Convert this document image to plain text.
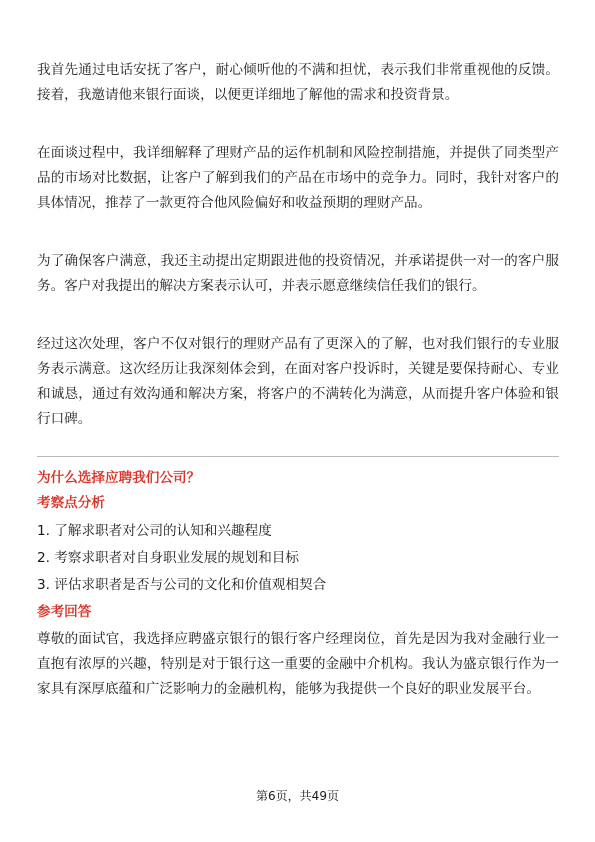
我首先通过电话安抚了客户，耐心倾听他的不满和担忧，表示我们非常重视他的反馈。接着，我邀请他来银行面谈，以便更详细地了解他的需求和投资背景。

在面谈过程中，我详细解释了理财产品的运作机制和风险控制措施，并提供了同类型产品的市场对比数据，让客户了解到我们的产品在市场中的竞争力。同时，我针对客户的具体情况，推荐了一款更符合他风险偏好和收益预期的理财产品。

为了确保客户满意，我还主动提出定期跟进他的投资情况，并承诺提供一对一的客户服务。客户对我提出的解决方案表示认可，并表示愿意继续信任我们的银行。

经过这次处理，客户不仅对银行的理财产品有了更深入的了解，也对我们银行的专业服务表示满意。这次经历让我深刻体会到，在面对客户投诉时，关键是要保持耐心、专业和诚恳，通过有效沟通和解决方案，将客户的不满转化为满意，从而提升客户体验和银行口碑。

为什么选择应聘我们公司？
考察点分析
1. 了解求职者对公司的认知和兴趣程度
2. 考察求职者对自身职业发展的规划和目标
3. 评估求职者是否与公司的文化和价值观相契合
参考回答

尊敬的面试官，我选择应聘盛京银行的银行客户经理岗位，首先是因为我对金融行业一直抱有浓厚的兴趣，特别是对于银行这一重要的金融中介机构。我认为盛京银行作为一家具有深厚底蕴和广泛影响力的金融机构，能够为我提供一个良好的职业发展平台。

第6页，共49页
